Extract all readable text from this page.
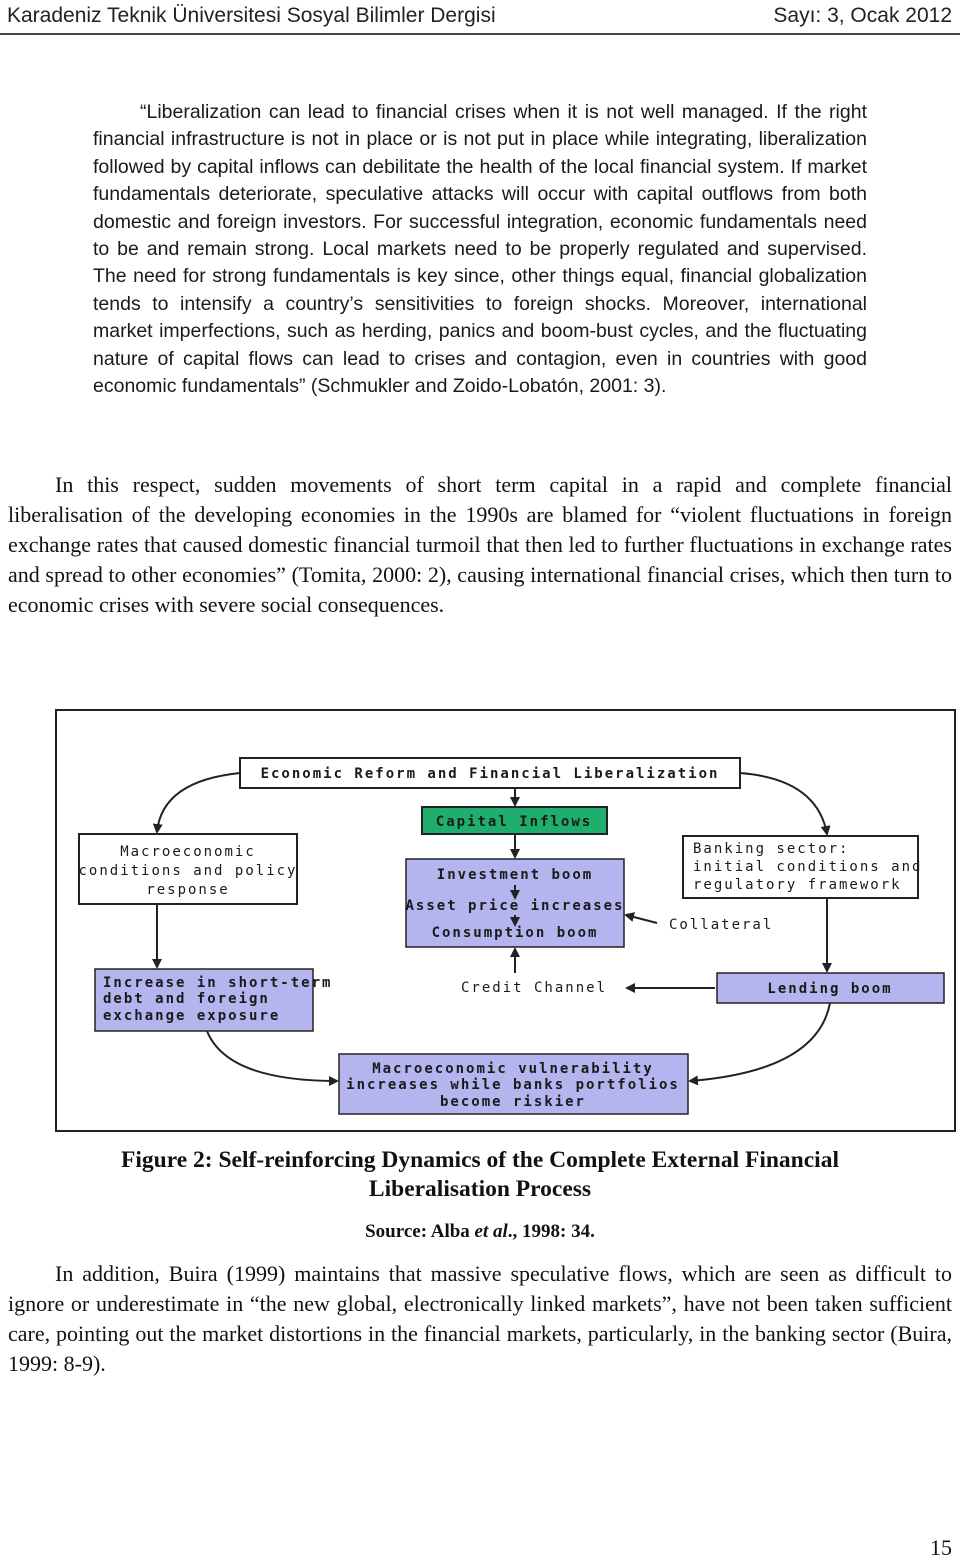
Karadeniz Teknik Üniversitesi Sosyal Bilimler Dergisi	Sayı: 3, Ocak 2012

“Liberalization can lead to financial crises when it is not well managed. If the right financial infrastructure is not in place or is not put in place while integrating, liberalization followed by capital inflows can debilitate the health of the local financial system. If market fundamentals deteriorate, speculative attacks will occur with capital outflows from both domestic and foreign investors. For successful integration, economic fundamentals need to be and remain strong. Local markets need to be properly regulated and supervised. The need for strong fundamentals is key since, other things equal, financial globalization tends to intensify a country’s sensitivities to foreign shocks. Moreover, international market imperfections, such as herding, panics and boom-bust cycles, and the fluctuating nature of capital flows can lead to crises and contagion, even in countries with good economic fundamentals” (Schmukler and Zoido-Lobatón, 2001: 3).

In this respect, sudden movements of short term capital in a rapid and complete financial liberalisation of the developing economies in the 1990s are blamed for “violent fluctuations in foreign exchange rates that caused domestic financial turmoil that then led to further fluctuations in exchange rates and spread to other economies” (Tomita, 2000: 2), causing international financial crises, which then turn to economic crises with severe social consequences.

Economic Reform and Financial Liberalization
Capital Inflows
Macroeconomic
conditions and policy
response
Investment boom
Asset price increases
Consumption boom
Banking sector:
initial conditions and
regulatory framework
Collateral
Increase in short-term
debt and foreign
exchange exposure
Credit Channel	Lending boom
Macroeconomic vulnerability
increases while banks portfolios
become riskier
Figure 2: Self-reinforcing Dynamics of the Complete External Financial
Liberalisation Process
Source: Alba et al., 1998: 34.

In addition, Buira (1999) maintains that massive speculative flows, which are seen as difficult to ignore or underestimate in “the new global, electronically linked markets”, have not been taken sufficient care, pointing out the market distortions in the financial markets, particularly, in the banking sector (Buira, 1999: 8-9).

15
